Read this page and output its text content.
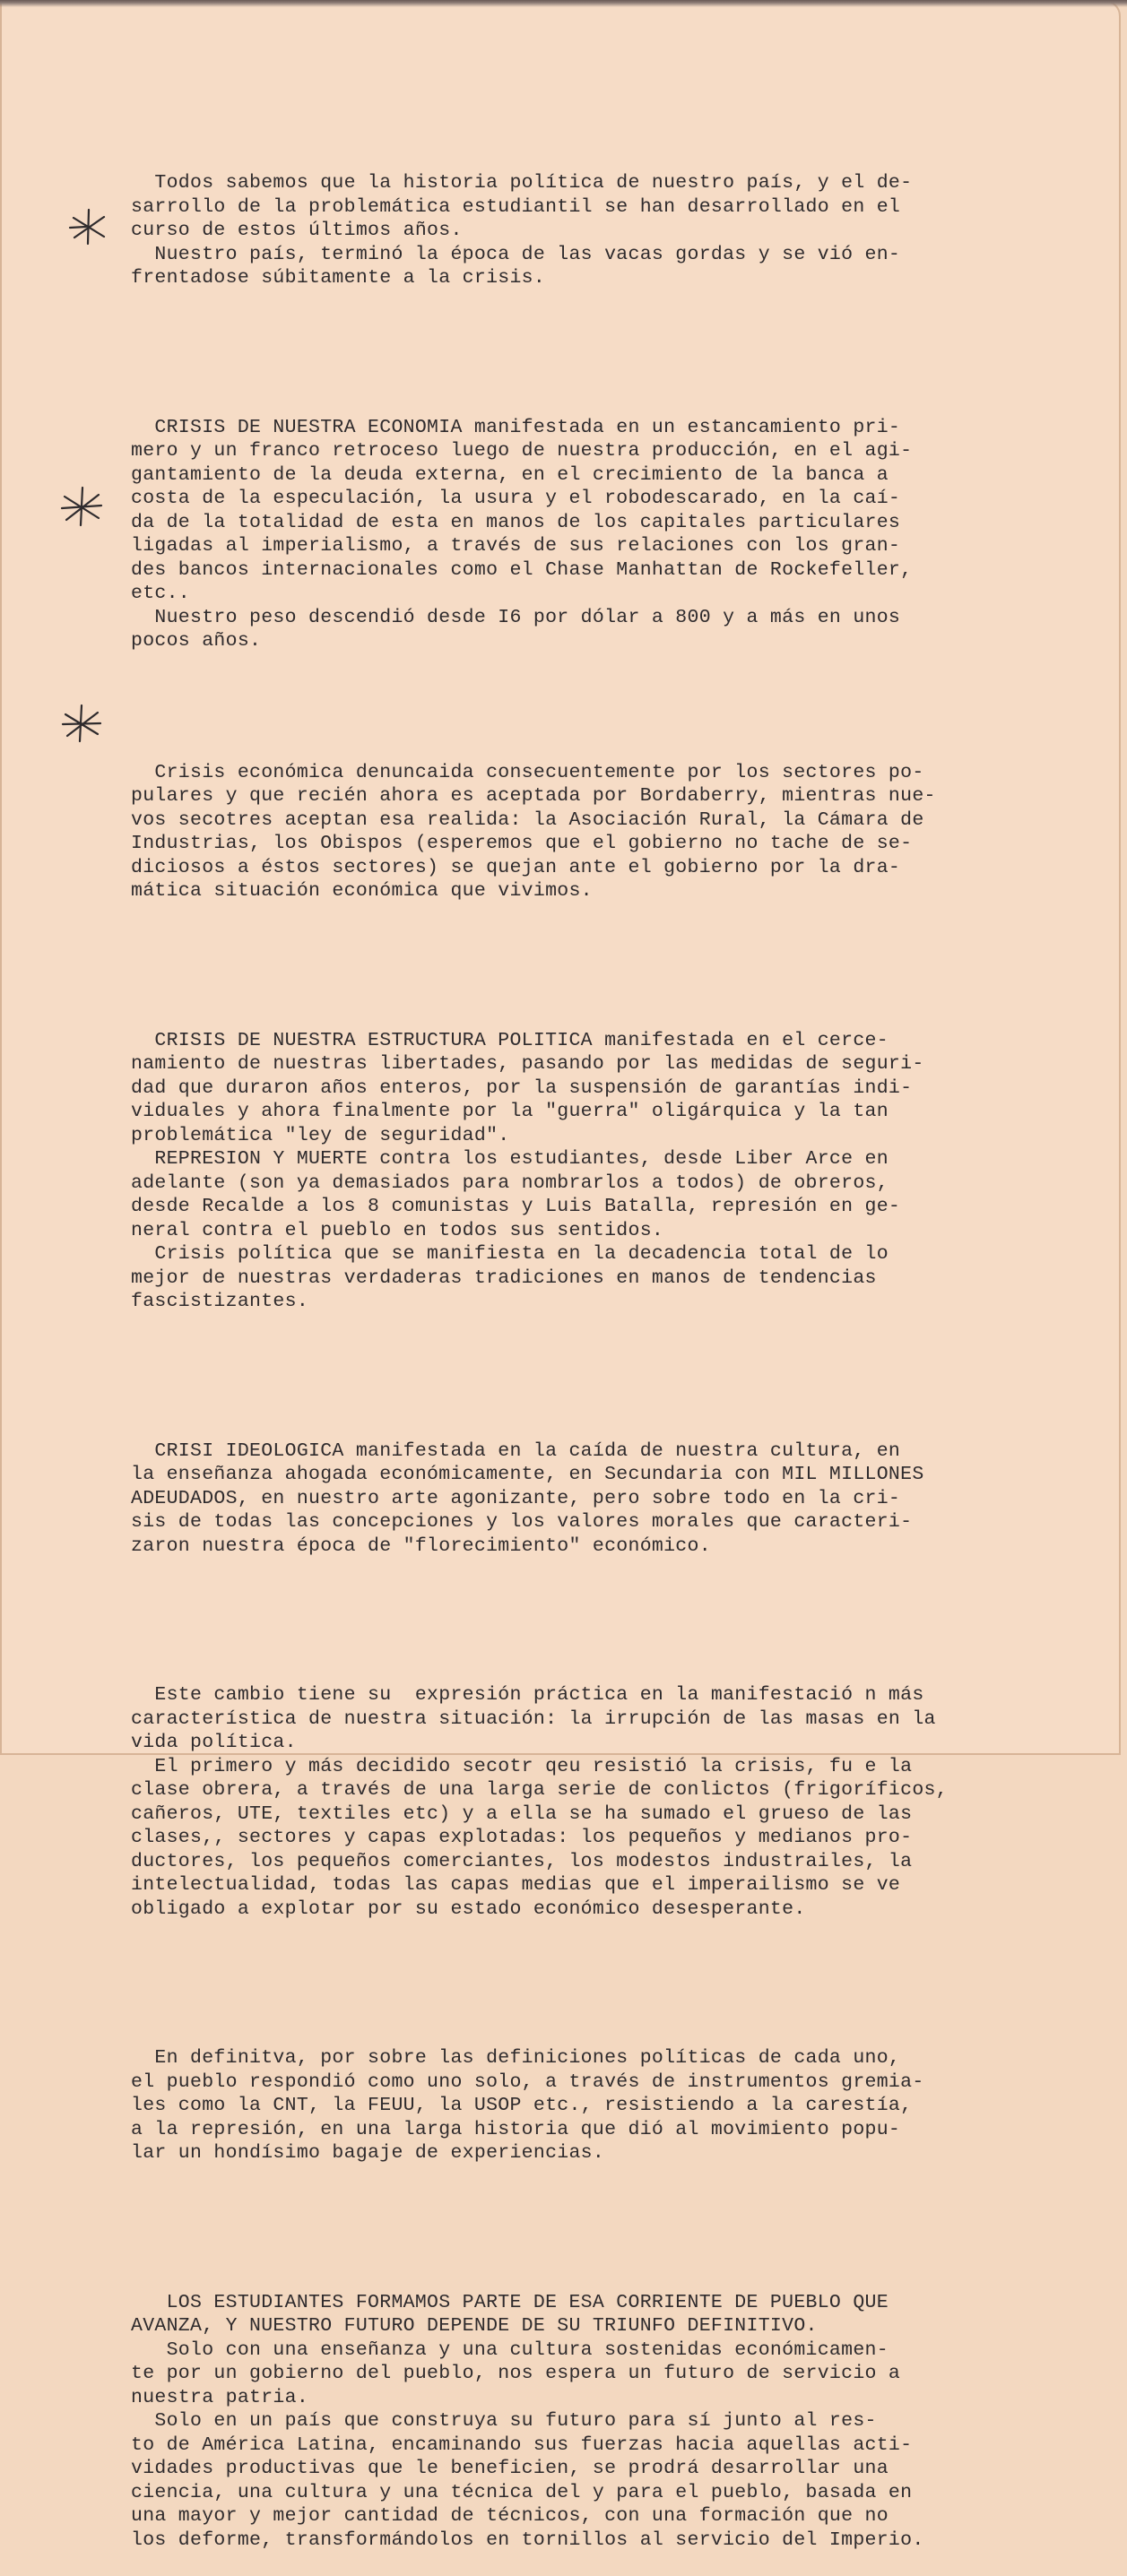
Todos sabemos que la historia política de nuestro país, y el de-
sarrollo de la problemática estudiantil se han desarrollado en el
curso de estos últimos años.
Nuestro país, terminó la época de las vacas gordas y se vió en-
frentadose súbitamente a la crisis.

CRISIS DE NUESTRA ECONOMIA manifestada en un estancamiento pri-
mero y un franco retroceso luego de nuestra producción, en el agi-
gantamiento de la deuda externa, en el crecimiento de la banca a
costa de la especulación, la usura y el robodescarado, en la caí-
da de la totalidad de esta en manos de los capitales particulares
ligadas al imperialismo, a través de sus relaciones con los gran-
des bancos internacionales como el Chase Manhattan de Rockefeller,
etc..
Nuestro peso descendió desde I6 por dólar a 800 y a más en unos
pocos años.

Crisis económica denuncaida consecuentemente por los sectores po-
pulares y que recién ahora es aceptada por Bordaberry, mientras nue-
vos secotres aceptan esa realida: la Asociación Rural, la Cámara de
Industrias, los Obispos (esperemos que el gobierno no tache de se-
diciosos a éstos sectores) se quejan ante el gobierno por la dra-
mática situación económica que vivimos.

CRISIS DE NUESTRA ESTRUCTURA POLITICA manifestada en el cerce-
namiento de nuestras libertades, pasando por las medidas de seguri-
dad que duraron años enteros, por la suspensión de garantías indi-
viduales y ahora finalmente por la "guerra" oligárquica y la tan
problemática "ley de seguridad".
REPRESION Y MUERTE contra los estudiantes, desde Liber Arce en
adelante (son ya demasiados para nombrarlos a todos) de obreros,
desde Recalde a los 8 comunistas y Luis Batalla, represión en ge-
neral contra el pueblo en todos sus sentidos.
Crisis política que se manifiesta en la decadencia total de lo
mejor de nuestras verdaderas tradiciones en manos de tendencias
fascistizantes.

CRISI IDEOLOGICA manifestada en la caída de nuestra cultura, en
la enseñanza ahogada económicamente, en Secundaria con MIL MILLONES
ADEUDADOS, en nuestro arte agonizante, pero sobre todo en la cri-
sis de todas las concepciones y los valores morales que caracteri-
zaron nuestra época de "florecimiento" económico.

Este cambio tiene su  expresión práctica en la manifestació n más
característica de nuestra situación: la irrupción de las masas en la
vida política.
El primero y más decidido secotr qeu resistió la crisis, fu e la
clase obrera, a través de una larga serie de conlictos (frigoríficos,
cañeros, UTE, textiles etc) y a ella se ha sumado el grueso de las
clases,, sectores y capas explotadas: los pequeños y medianos pro-
ductores, los pequeños comerciantes, los modestos industrailes, la
intelectualidad, todas las capas medias que el imperailismo se ve
obligado a explotar por su estado económico desesperante.

En definitva, por sobre las definiciones políticas de cada uno,
el pueblo respondió como uno solo, a través de instrumentos gremia-
les como la CNT, la FEUU, la USOP etc., resistiendo a la carestía,
a la represión, en una larga historia que dió al movimiento popu-
lar un hondísimo bagaje de experiencias.

LOS ESTUDIANTES FORMAMOS PARTE DE ESA CORRIENTE DE PUEBLO QUE
AVANZA, Y NUESTRO FUTURO DEPENDE DE SU TRIUNFO DEFINITIVO.
Solo con una enseñanza y una cultura sostenidas económicamen-
te por un gobierno del pueblo, nos espera un futuro de servicio a
nuestra patria.
Solo en un país que construya su futuro para sí junto al res-
to de América Latina, encaminando sus fuerzas hacia aquellas acti-
vidades productivas que le beneficien, se prodrá desarrollar una
ciencia, una cultura y una técnica del y para el pueblo, basada en
una mayor y mejor cantidad de técnicos, con una formación que no
los deforme, transformándolos en tornillos al servicio del Imperio.
